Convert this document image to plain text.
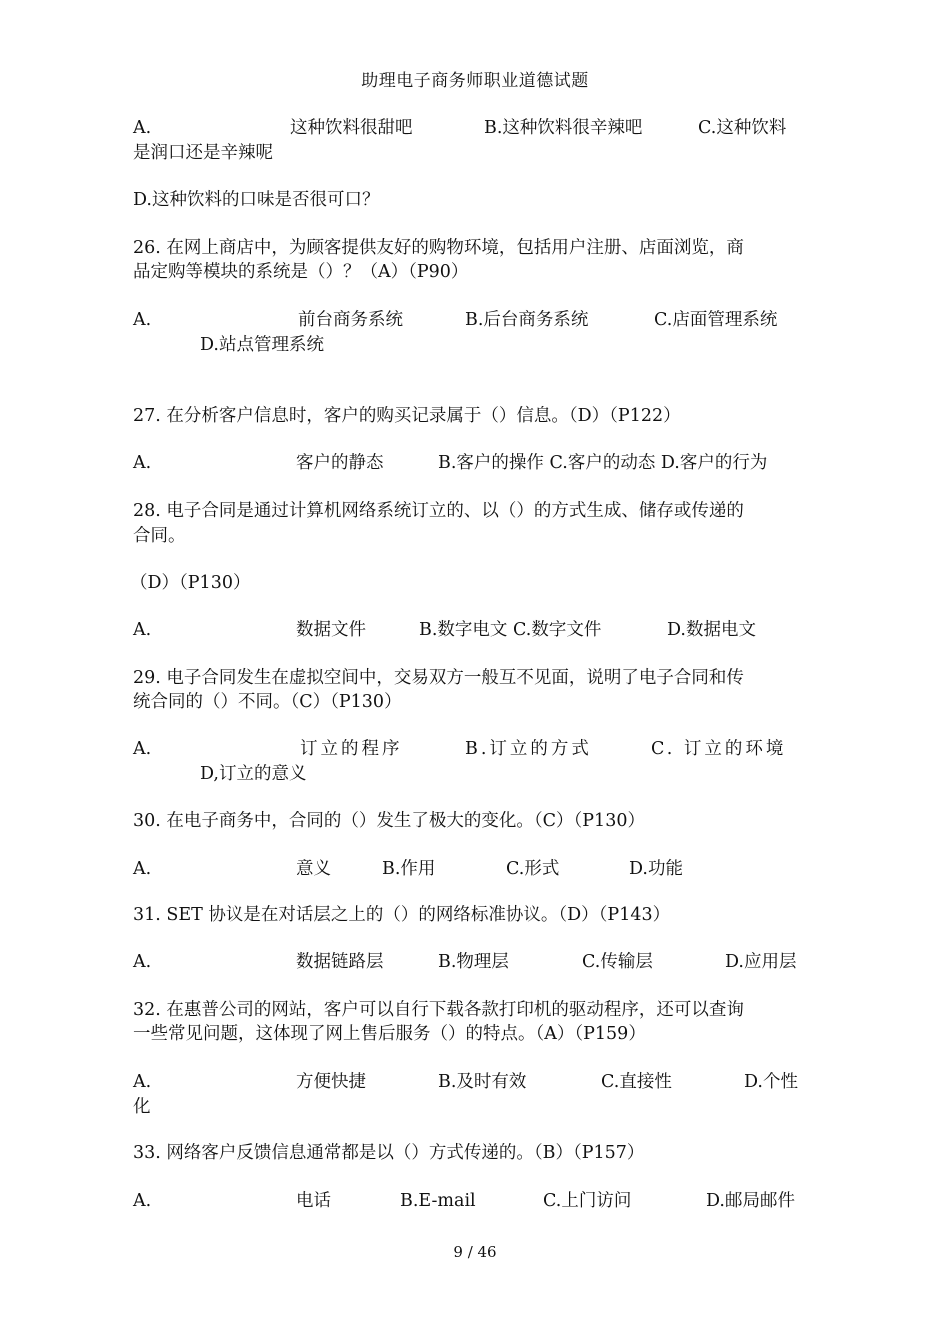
助理电子商务师职业道德试题
A.	这种饮料很甜吧	B.这种饮料很辛辣吧	C.这种饮料
是润口还是辛辣呢
D.这种饮料的口味是否很可口？
26. 在网上商店中，为顾客提供友好的购物环境，包括用户注册、店面浏览，商
品定购等模块的系统是（）？（A）（P90）
A.	前台商务系统	B.后台商务系统	C.店面管理系统
D.站点管理系统
27. 在分析客户信息时，客户的购买记录属于（）信息。（D）（P122）
A.	客户的静态	B.客户的操作 C.客户的动态 D.客户的行为
28. 电子合同是通过计算机网络系统订立的、以（）的方式生成、储存或传递的
合同。
（D）（P130）
A.	数据文件	B.数字电文 C.数字文件	D.数据电文
29. 电子合同发生在虚拟空间中，交易双方一般互不见面，说明了电子合同和传
统合同的（）不同。（C）（P130）
A.	订立的程序	B.订立的方式	C. 订立的环境
D,订立的意义
30. 在电子商务中，合同的（）发生了极大的变化。（C）（P130）
A.	意义	B.作用	C.形式	D.功能
31. SET 协议是在对话层之上的（）的网络标准协议。（D）（P143）
A.	数据链路层	B.物理层	C.传输层	D.应用层
32. 在惠普公司的网站，客户可以自行下载各款打印机的驱动程序，还可以查询
一些常见问题，这体现了网上售后服务（）的特点。（A）（P159）
A.	方便快捷	B.及时有效	C.直接性	D.个性
化
33. 网络客户反馈信息通常都是以（）方式传递的。（B）（P157）
A.	电话	B.E-mail	C.上门访问	D.邮局邮件
9 / 46
